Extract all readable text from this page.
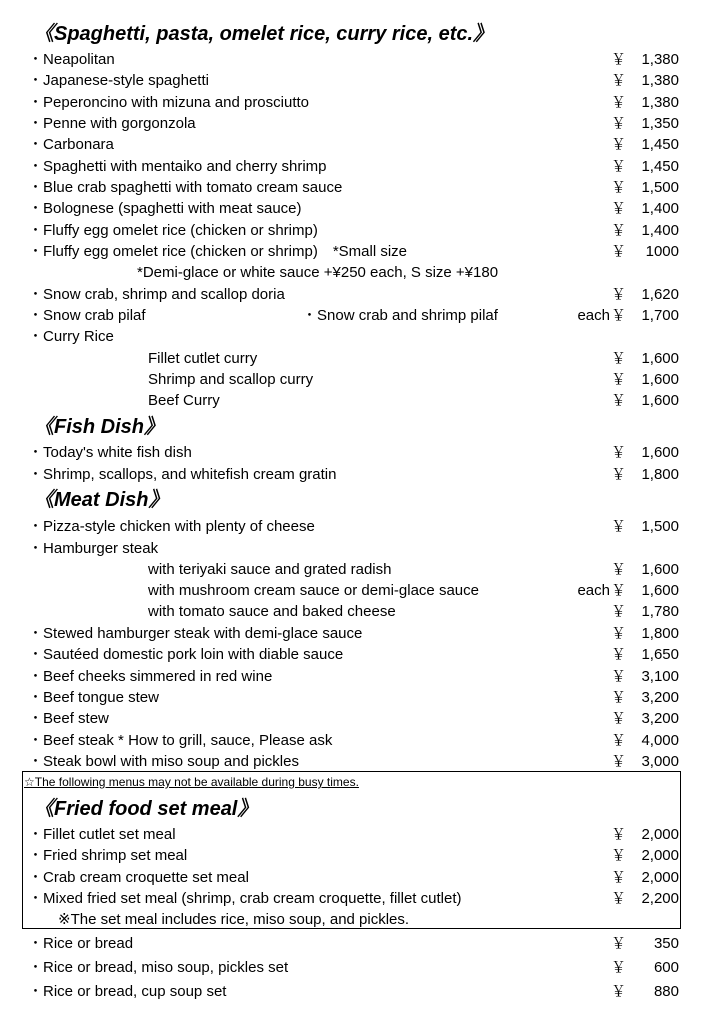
《Spaghetti, pasta, omelet rice, curry rice, etc.》
・Neapolitan	￥ 1,380
・Japanese-style spaghetti	￥ 1,380
・Peperoncino with mizuna and prosciutto	￥ 1,380
・Penne with gorgonzola	￥ 1,350
・Carbonara	￥ 1,450
・Spaghetti with mentaiko and cherry shrimp	￥ 1,450
・Blue crab spaghetti with tomato cream sauce	￥ 1,500
・Bolognese (spaghetti with meat sauce)	￥ 1,400
・Fluffy egg omelet rice (chicken or shrimp)	￥ 1,400
・Fluffy egg omelet rice (chicken or shrimp)　*Small size	￥ 1000
*Demi-glace or white sauce +¥250 each, S size +¥180
・Snow crab, shrimp and scallop doria	￥ 1,620
・Snow crab pilaf	・Snow crab and shrimp pilaf	each ￥ 1,700
・Curry Rice
Fillet cutlet curry	￥ 1,600
Shrimp and scallop curry	￥ 1,600
Beef Curry	￥ 1,600
《Fish Dish》
・Today's white fish dish	￥ 1,600
・Shrimp, scallops, and whitefish cream gratin	￥ 1,800
《Meat Dish》
・Pizza-style chicken with plenty of cheese	￥ 1,500
・Hamburger steak
with teriyaki sauce and grated radish	￥ 1,600
with mushroom cream sauce or demi-glace sauce	each ￥ 1,600
with tomato sauce and baked cheese	￥ 1,780
・Stewed hamburger steak with demi-glace sauce	￥ 1,800
・Sautéed domestic pork loin with diable sauce	￥ 1,650
・Beef cheeks simmered in red wine	￥ 3,100
・Beef tongue stew	￥ 3,200
・Beef stew	￥ 3,200
・Beef steak * How to grill, sauce, Please ask	￥ 4,000
・Steak bowl with miso soup and pickles	￥ 3,000
☆The following menus may not be available during busy times.
《Fried food set meal》
・Fillet cutlet set meal	￥ 2,000
・Fried shrimp set meal	￥ 2,000
・Crab cream croquette set meal	￥ 2,000
・Mixed fried set meal (shrimp, crab cream croquette, fillet cutlet)	￥ 2,200
※The set meal includes rice, miso soup, and pickles.
・Rice or bread	￥ 350
・Rice or bread, miso soup, pickles set	￥ 600
・Rice or bread, cup soup set	￥ 880
